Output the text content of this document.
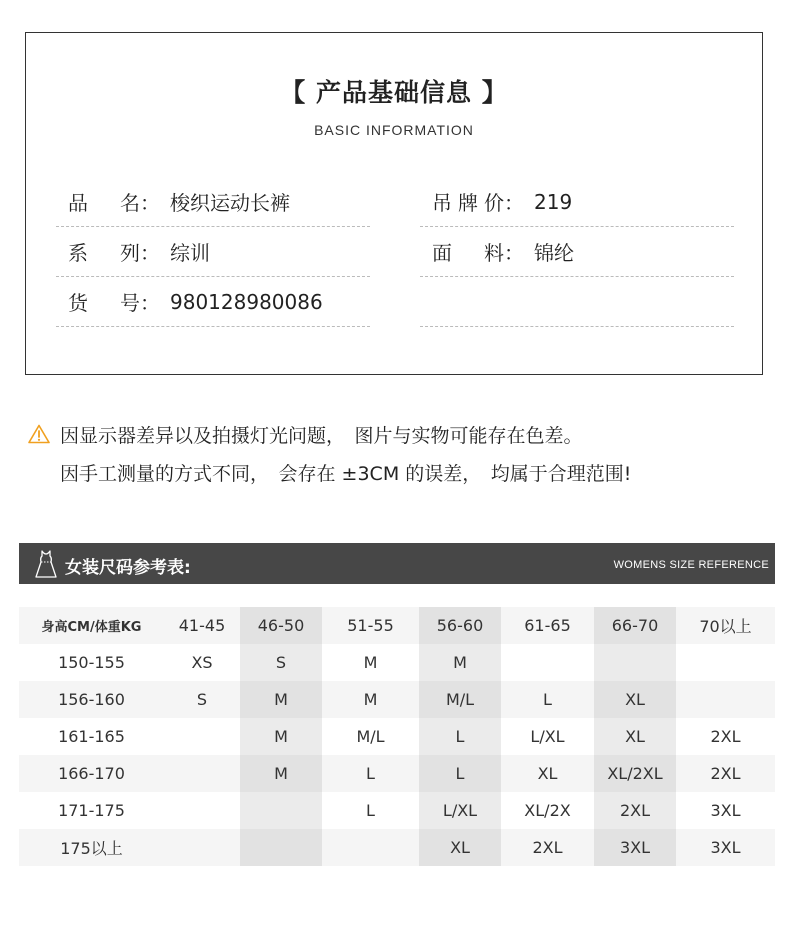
【 产品基础信息 】
BASIC INFORMATION
品 名 ： 梭织运动长裤
系 列 ： 综训
货 号 ： 980128980086
吊 牌 价 ： 219
面 料 ： 锦纶
因显示器差异以及拍摄灯光问题，　图片与实物可能存在色差。
因手工测量的方式不同，　会存在 ±3CM 的误差，　均属于合理范围!
女装尺码参考表:	WOMENS SIZE REFERENCE
身高CM/体重KG	41-45	46-50	51-55	56-60	61-65	66-70	70以上
150-155	XS	S	M	M			
156-160	S	M	M	M/L	L	XL	
161-165		M	M/L	L	L/XL	XL	2XL
166-170		M	L	L	XL	XL/2XL	2XL
171-175			L	L/XL	XL/2X	2XL	3XL
175以上				XL	2XL	3XL	3XL
